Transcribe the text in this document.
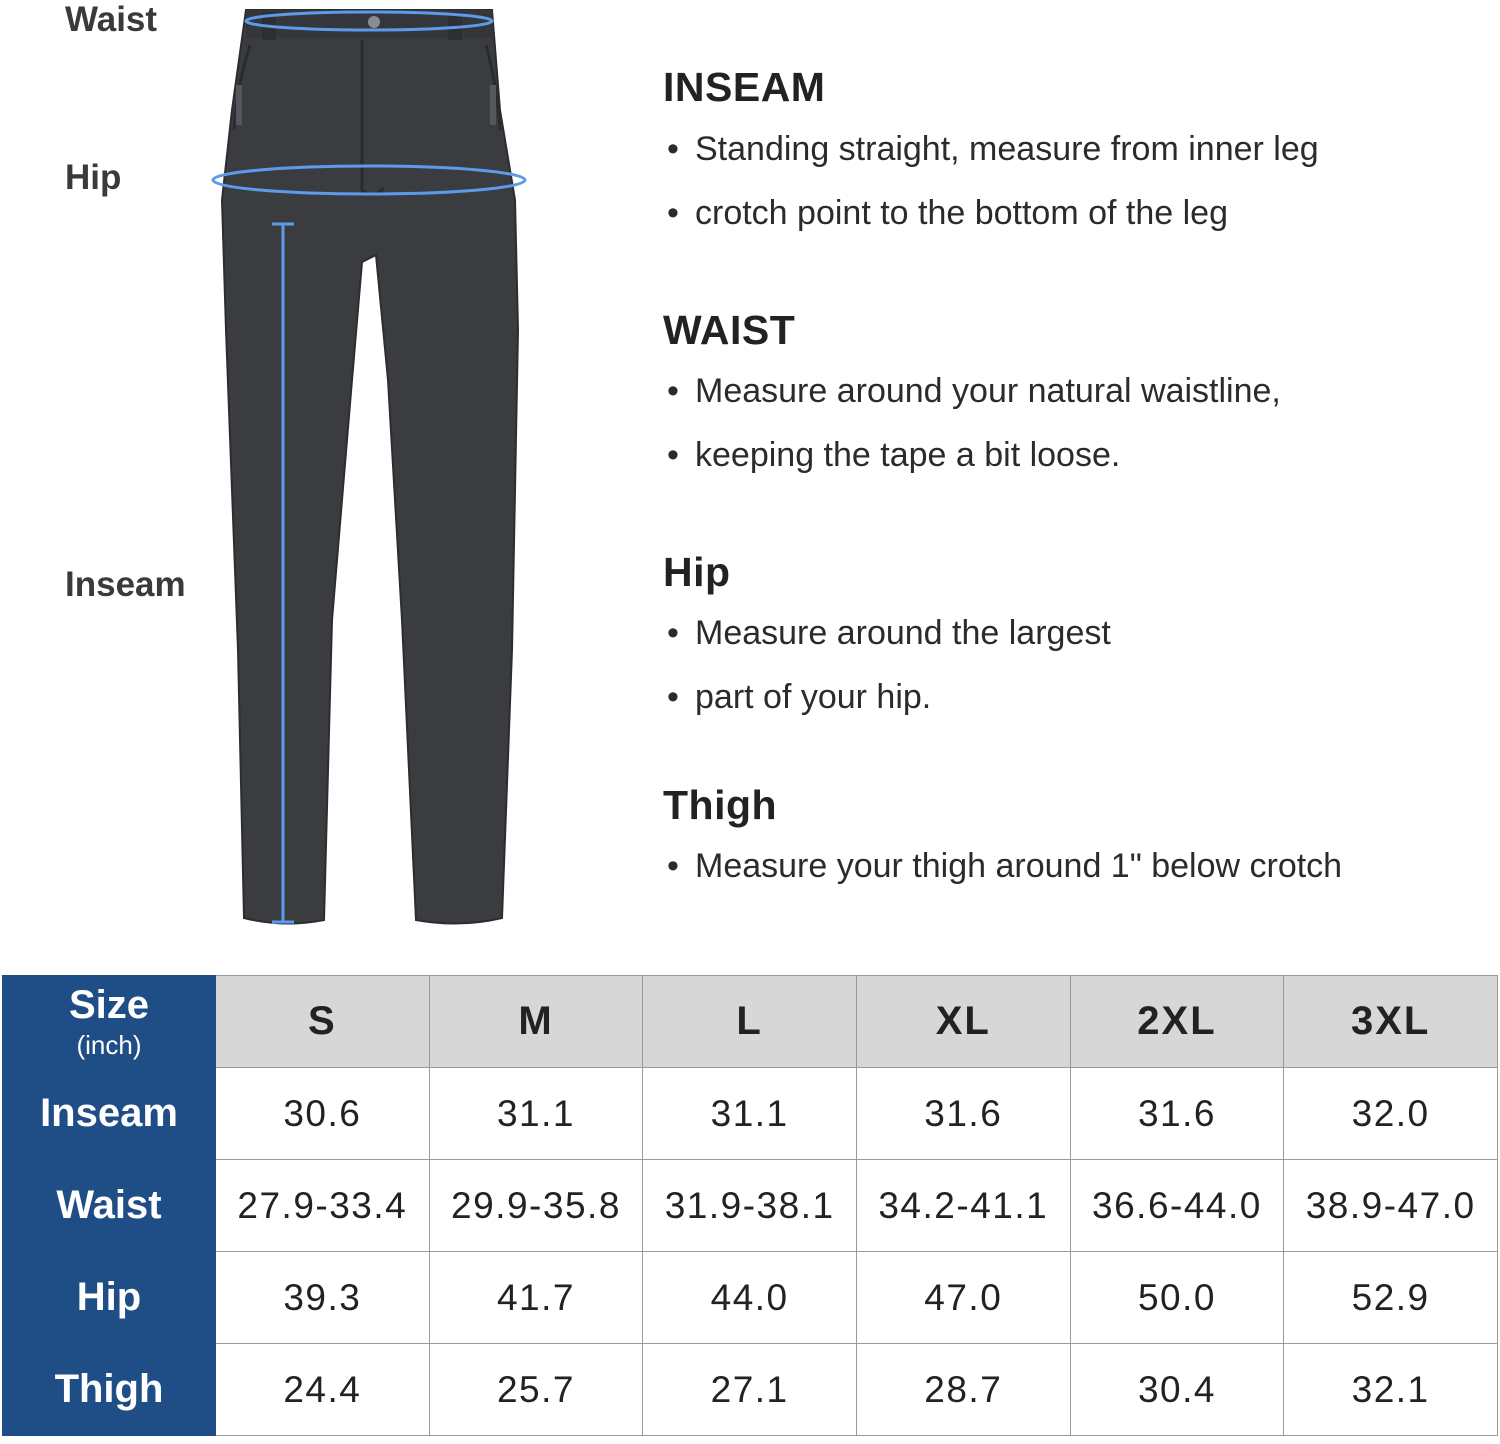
Waist
Hip
Inseam
INSEAM
• Standing straight, measure from inner leg
• crotch point to the bottom of the leg
WAIST
• Measure around your natural waistline,
• keeping the tape a bit loose.
Hip
• Measure around the largest
• part of your hip.
Thigh
• Measure your thigh around 1" below crotch
Size
(inch)	S	M	L	XL	2XL	3XL
Inseam	30.6	31.1	31.1	31.6	31.6	32.0
Waist	27.9-33.4	29.9-35.8	31.9-38.1	34.2-41.1	36.6-44.0	38.9-47.0
Hip	39.3	41.7	44.0	47.0	50.0	52.9
Thigh	24.4	25.7	27.1	28.7	30.4	32.1
